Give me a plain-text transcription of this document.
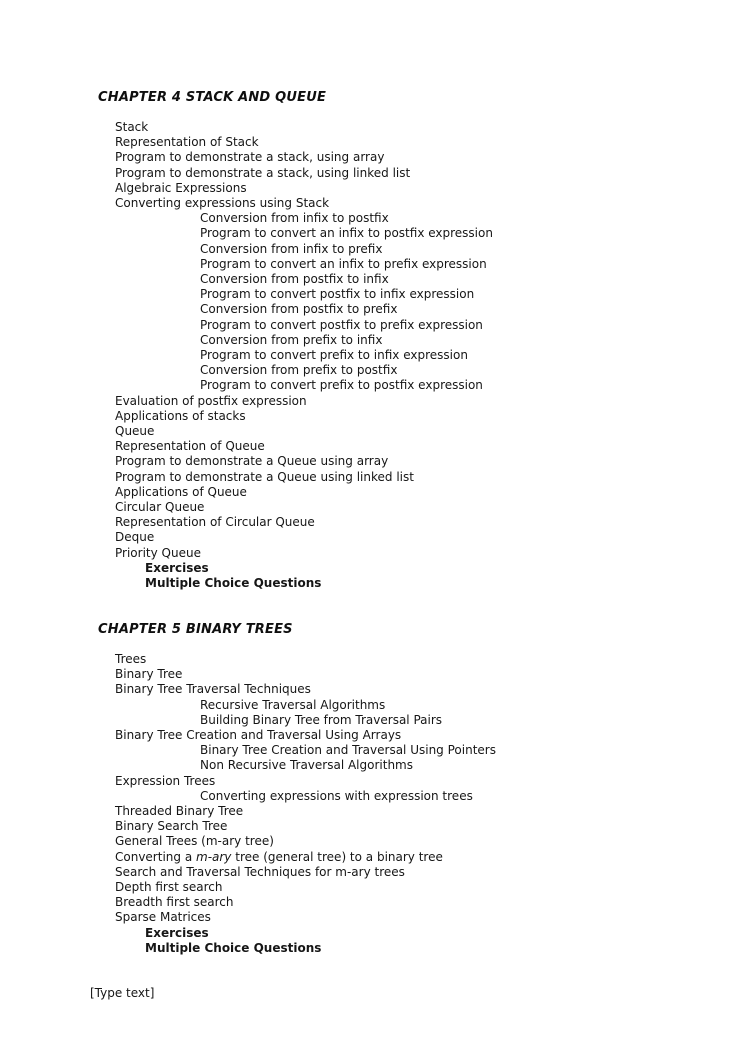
CHAPTER 4 STACK AND QUEUE
Stack
Representation of Stack
Program to demonstrate a stack, using array
Program to demonstrate a stack, using linked list
Algebraic Expressions
Converting expressions using Stack
Conversion from infix to postfix
Program to convert an infix to postfix expression
Conversion from infix to prefix
Program to convert an infix to prefix expression
Conversion from postfix to infix
Program to convert postfix to infix expression
Conversion from postfix to prefix
Program to convert postfix to prefix expression
Conversion from prefix to infix
Program to convert prefix to infix expression
Conversion from prefix to postfix
Program to convert prefix to postfix expression
Evaluation of postfix expression
Applications of stacks
Queue
Representation of Queue
Program to demonstrate a Queue using array
Program to demonstrate a Queue using linked list
Applications of Queue
Circular Queue
Representation of Circular Queue
Deque
Priority Queue
Exercises
Multiple Choice Questions
CHAPTER 5 BINARY TREES
Trees
Binary Tree
Binary Tree Traversal Techniques
Recursive Traversal Algorithms
Building Binary Tree from Traversal Pairs
Binary Tree Creation and Traversal Using Arrays
Binary Tree Creation and Traversal Using Pointers
Non Recursive Traversal Algorithms
Expression Trees
Converting expressions with expression trees
Threaded Binary Tree
Binary Search Tree
General Trees (m-ary tree)
Converting a m-ary tree (general tree) to a binary tree
Search and Traversal Techniques for m-ary trees
Depth first search
Breadth first search
Sparse Matrices
Exercises
Multiple Choice Questions
[Type text]
